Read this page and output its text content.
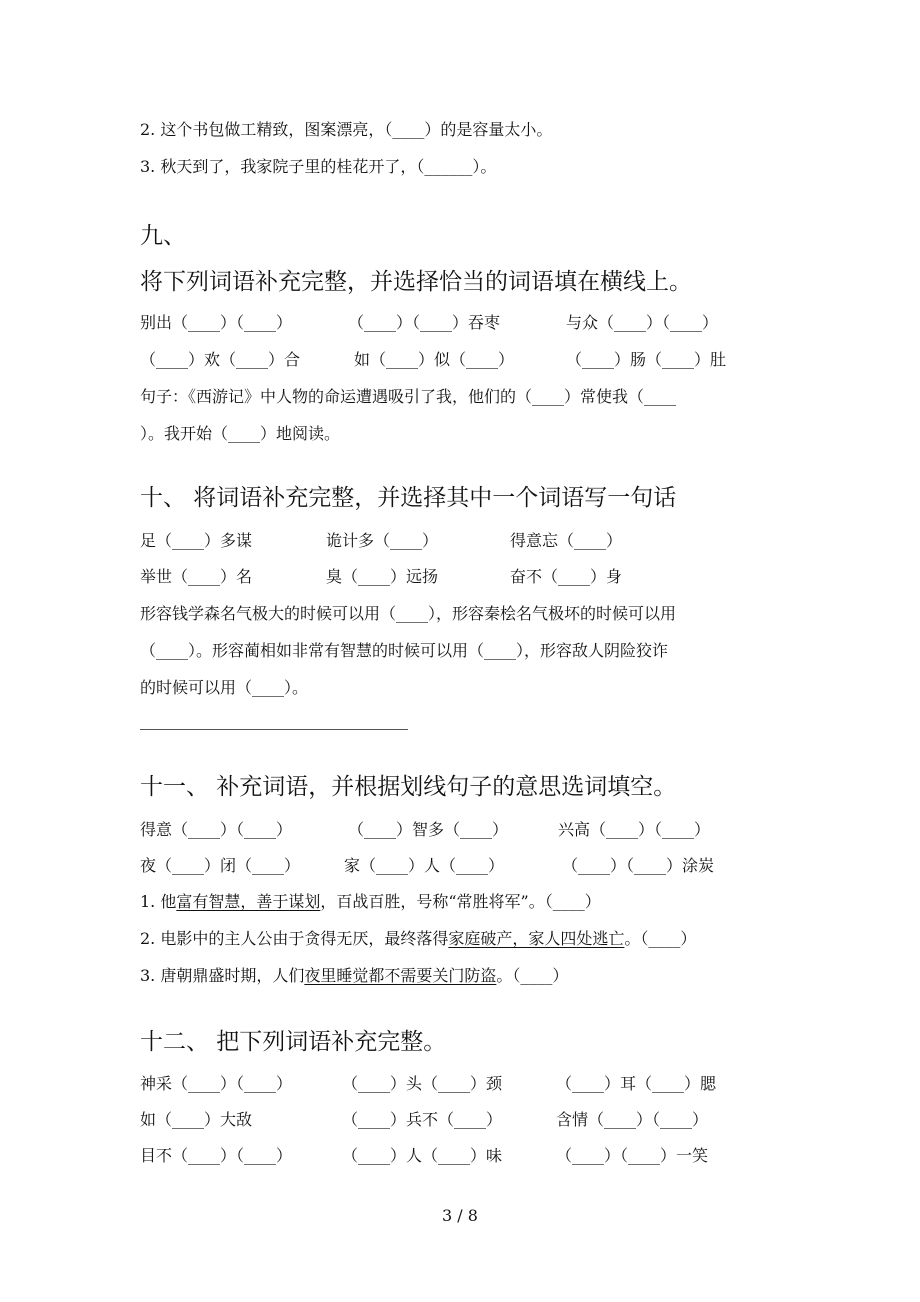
2. 这个书包做工精致，图案漂亮，（____）的是容量太小。
3. 秋天到了，我家院子里的桂花开了，（______）。
九、
将下列词语补充完整，并选择恰当的词语填在横线上。
别出（____）（____）	（____）（____）吞枣	与众（____）（____）
（____）欢（____）合	如（____）似（____）	（____）肠（____）肚
句子：《西游记》中人物的命运遭遇吸引了我，他们的（____）常使我（____
）。我开始（____）地阅读。
十、 将词语补充完整，并选择其中一个词语写一句话
足（____）多谋	诡计多（____）	得意忘（____）
举世（____）名	臭（____）远扬	奋不（____）身
形容钱学森名气极大的时候可以用（____），形容秦桧名气极坏的时候可以用
（____）。形容蔺相如非常有智慧的时候可以用（____），形容敌人阴险狡诈
的时候可以用（____）。
十一、 补充词语，并根据划线句子的意思选词填空。
得意（____）（____）	（____）智多（____）	兴高（____）（____）
夜（____）闭（____）	家（____）人（____）	（____）（____）涂炭
1. 他富有智慧，善于谋划，百战百胜，号称“常胜将军”。（____）
2. 电影中的主人公由于贪得无厌，最终落得家庭破产，家人四处逃亡。（____）
3. 唐朝鼎盛时期，人们夜里睡觉都不需要关门防盗。（____）
十二、 把下列词语补充完整。
神采（____）（____）	（____）头（____）颈	（____）耳（____）腮
如（____）大敌	（____）兵不（____）	含情（____）（____）
目不（____）（____）	（____）人（____）味	（____）（____）一笑
3 / 8
